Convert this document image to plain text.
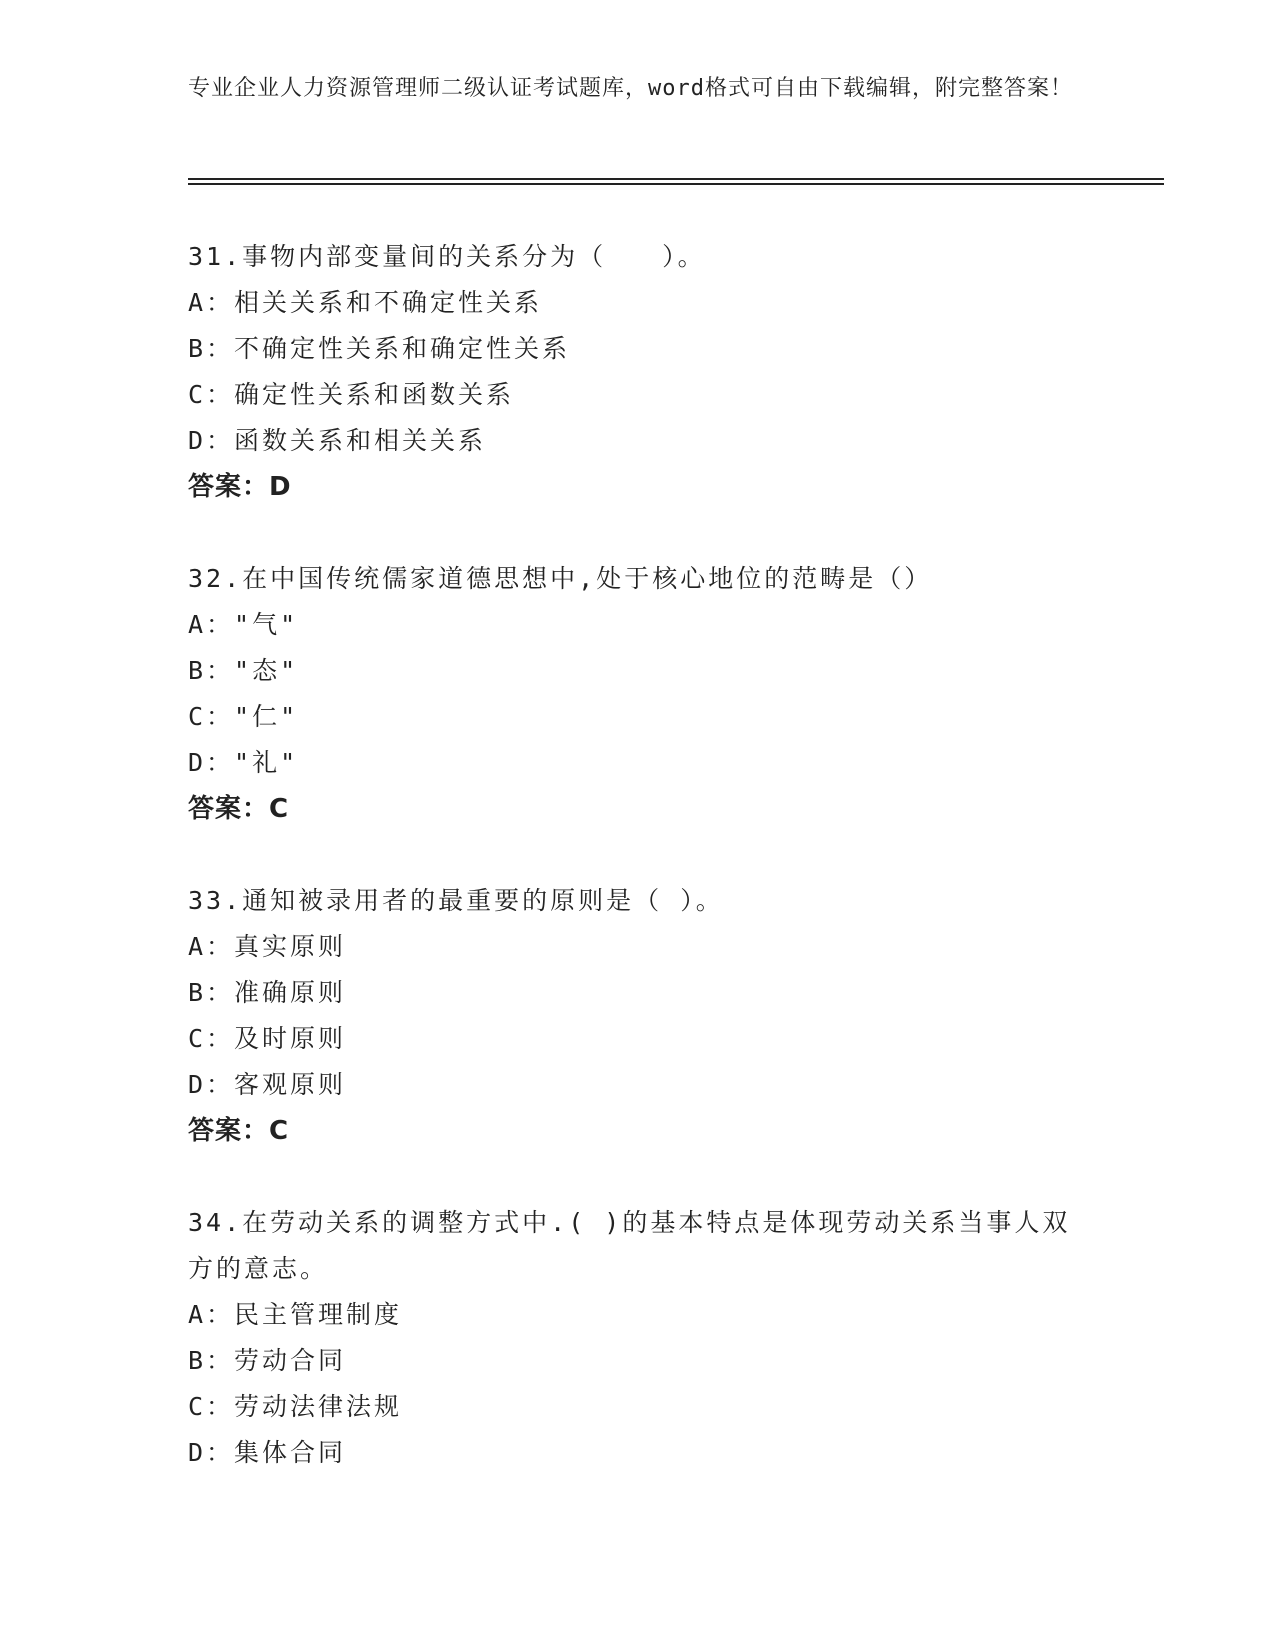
专业企业人力资源管理师二级认证考试题库，word格式可自由下载编辑，附完整答案！

31.事物内部变量间的关系分为（　　）。

A：相关关系和不确定性关系

B：不确定性关系和确定性关系

C：确定性关系和函数关系

D：函数关系和相关关系

答案：D

32.在中国传统儒家道德思想中,处于核心地位的范畴是（）

A："气"

B："态"

C："仁"

D："礼"

答案：C

33.通知被录用者的最重要的原则是（ ）。

A：真实原则

B：准确原则

C：及时原则

D：客观原则

答案：C

34.在劳动关系的调整方式中.( )的基本特点是体现劳动关系当事人双方的意志。

A：民主管理制度

B：劳动合同

C：劳动法律法规

D：集体合同
